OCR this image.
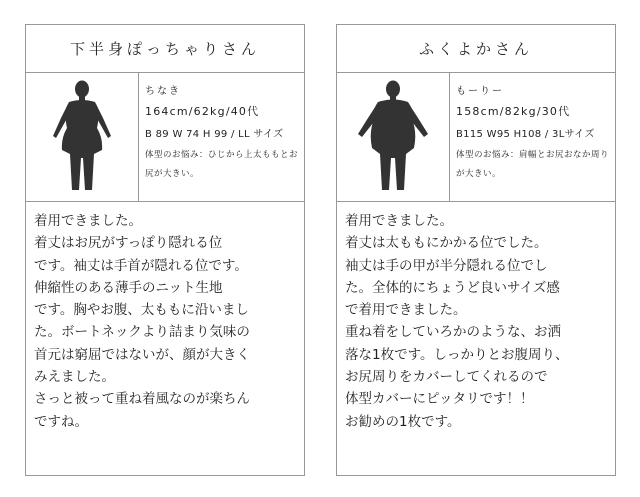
下半身ぽっちゃりさん
ちなき
164cm/62kg/40代
B 89 W 74 H 99 / LL サイズ
体型のお悩み：ひじから上太ももとお尻が大きい。
着用できました。
着丈はお尻がすっぽり隠れる位
です。袖丈は手首が隠れる位です。
伸縮性のある薄手のニット生地
です。胸やお腹、太ももに沿いまし
た。ボートネックより詰まり気味の
首元は窮屈ではないが、顔が大きく
みえました。
さっと被って重ね着風なのが楽ちん
ですね。
ふくよかさん
もーりー
158cm/82kg/30代
B115 W95 H108 / 3Lサイズ
体型のお悩み：肩幅とお尻おなか周りが大きい。
着用できました。
着丈は太ももにかかる位でした。
袖丈は手の甲が半分隠れる位でし
た。全体的にちょうど良いサイズ感
で着用できました。
重ね着をしていろかのような、お洒
落な1枚です。しっかりとお腹周り、
お尻周りをカバーしてくれるので
体型カバーにピッタリです！！
お勧めの1枚です。
